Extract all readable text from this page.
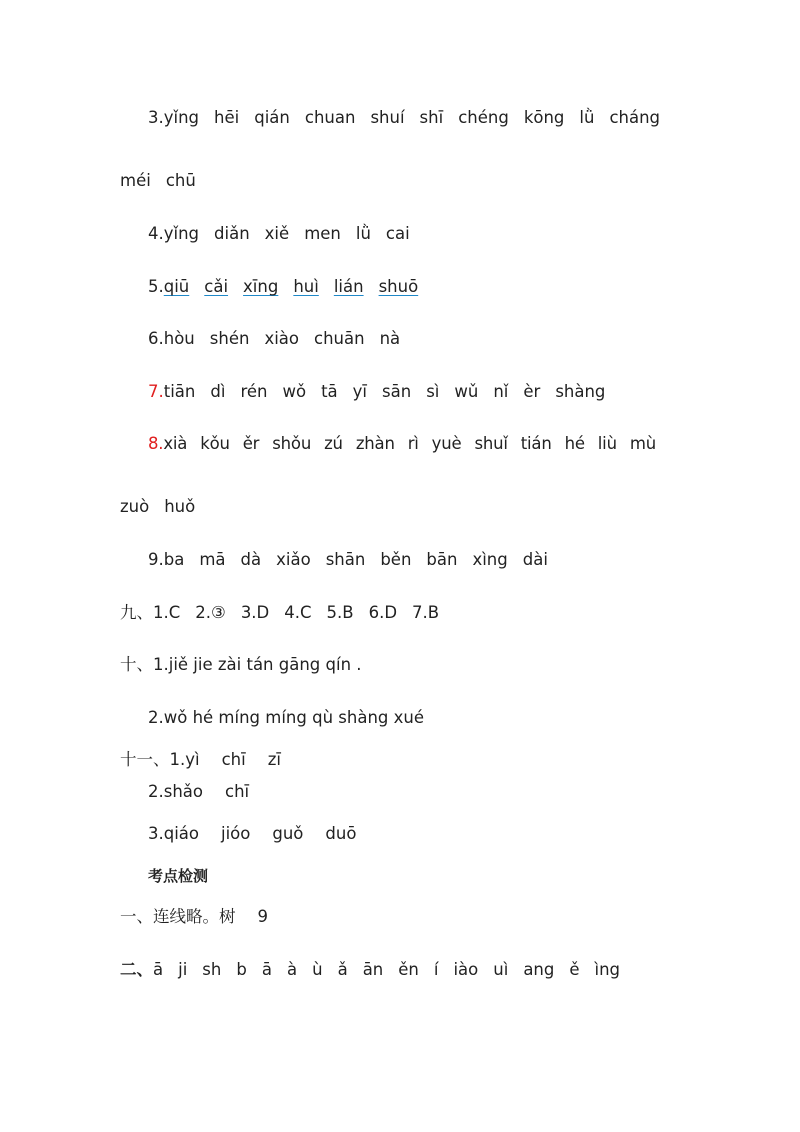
3.yǐng hēi qián chuan shuí shī chéng kōng lǜ cháng
méi chū
4.yǐng diǎn xiě men lǜ cai
5.qiū cǎi xīng huì lián shuō
6.hòu shén xiào chuān nà
7.tiān dì rén wǒ tā yī sān sì wǔ nǐ èr shàng
8.xià kǒu ěr shǒu zú zhàn rì yuè shuǐ tián hé liù mù
zuò huǒ
9.ba mā dà xiǎo shān běn bān xìng dài
九、1.C 2.③ 3.D 4.C 5.B 6.D 7.B
十、1.jiě jie zài tán gāng qín .
2.wǒ hé míng míng qù shàng xué
十一、1.yì chī zī
2.shǎo chī
3.qiáo jióo guǒ duō
考点检测
一、连线略。树 9
二、ā ji sh b ā à ù ǎ ān ěn í iào uì ang ě ìng
